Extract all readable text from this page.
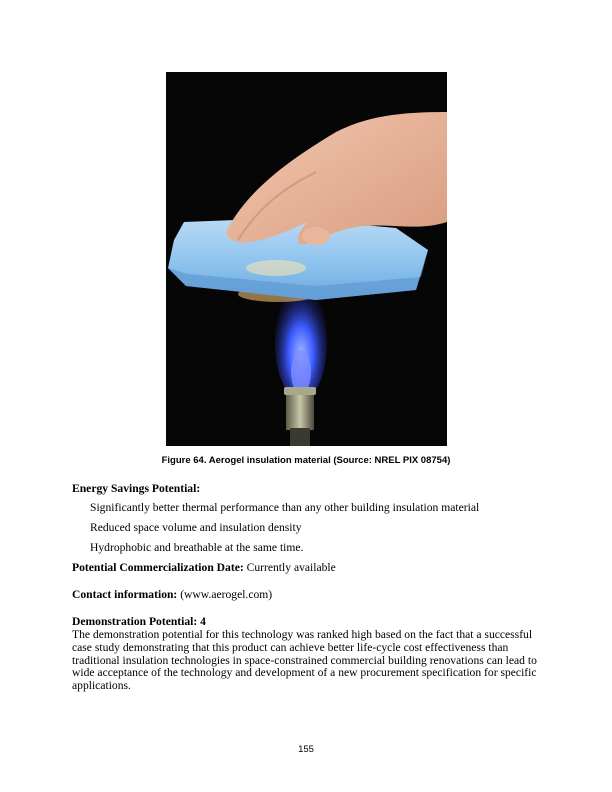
Figure 64. Aerogel insulation material (Source: NREL PIX 08754)
Energy Savings Potential:
Significantly better thermal performance than any other building insulation material
Reduced space volume and insulation density
Hydrophobic and breathable at the same time.
Potential Commercialization Date: Currently available
Contact information: (www.aerogel.com)
Demonstration Potential: 4
The demonstration potential for this technology was ranked high based on the fact that a successful case study demonstrating that this product can achieve better life-cycle cost effectiveness than traditional insulation technologies in space-constrained commercial building renovations can lead to wide acceptance of the technology and development of a new procurement specification for specific applications.
155
